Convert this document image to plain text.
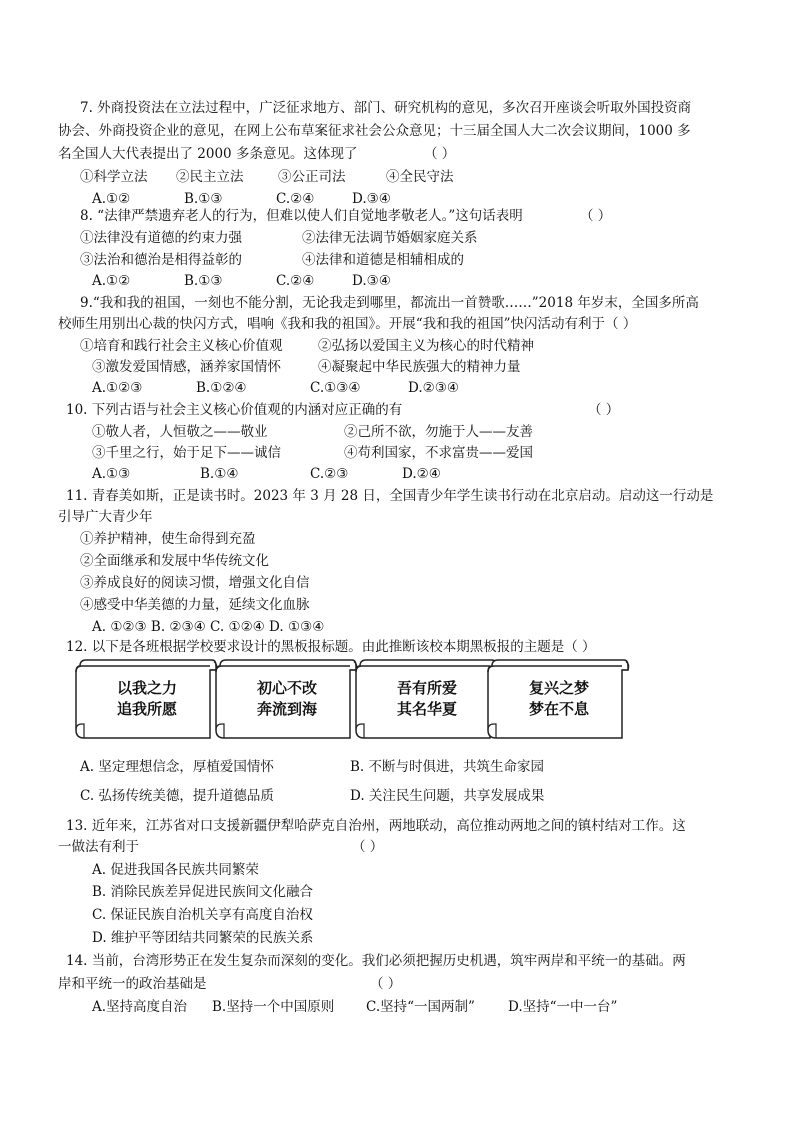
7. 外商投资法在立法过程中，广泛征求地方、部门、研究机构的意见，多次召开座谈会听取外国投资商
协会、外商投资企业的意见，在网上公布草案征求社会公众意见；十三届全国人大二次会议期间，1000 多
名全国人大代表提出了 2000 多条意见。这体现了	（ ）
①科学立法 ②民主立法	③公正司法	④全民守法
A.①②	B.①③	C.②④	D.③④
8. “法律严禁遗弃老人的行为，但难以使人们自觉地孝敬老人。”这句话表明	（ ）
①法律没有道德的约束力强	②法律无法调节婚姻家庭关系
③法治和德治是相得益彰的	④法律和道德是相辅相成的
A.①②	B.①③	C.②④	D.③④
9.“我和我的祖国，一刻也不能分割，无论我走到哪里，都流出一首赞歌……”2018 年岁末，全国多所高
校师生用别出心裁的快闪方式，唱响《我和我的祖国》。开展“我和我的祖国”快闪活动有利于（ ）
①培育和践行社会主义核心价值观	②弘扬以爱国主义为核心的时代精神
③激发爱国情感，涵养家国情怀	④凝聚起中华民族强大的精神力量
A.①②③	B.①②④	C.①③④	D.②③④
10. 下列古语与社会主义核心价值观的内涵对应正确的有	（ ）
①敬人者，人恒敬之——敬业	②己所不欲，勿施于人——友善
③千里之行，始于足下——诚信	④苟利国家，不求富贵——爱国
A.①③	B.①④	C.②③	D.②④
11. 青春美如斯，正是读书时。2023 年 3 月 28 日，全国青少年学生读书行动在北京启动。启动这一行动是
引导广大青少年
①养护精神，使生命得到充盈
②全面继承和发展中华传统文化
③养成良好的阅读习惯，增强文化自信
④感受中华美德的力量，延续文化血脉
A. ①②③ B. ②③④ C. ①②④ D. ①③④
12. 以下是各班根据学校要求设计的黑板报标题。由此推断该校本期黑板报的主题是（ ）
以我之力
追我所愿
初心不改
奔流到海
吾有所爱
其名华夏
复兴之梦
梦在不息
A. 坚定理想信念，厚植爱国情怀	B. 不断与时俱进，共筑生命家园
C. 弘扬传统美德，提升道德品质	D. 关注民生问题，共享发展成果
13. 近年来，江苏省对口支援新疆伊犁哈萨克自治州，两地联动，高位推动两地之间的镇村结对工作。这
一做法有利于	（ ）
A. 促进我国各民族共同繁荣
B. 消除民族差异促进民族间文化融合
C. 保证民族自治机关享有高度自治权
D. 维护平等团结共同繁荣的民族关系
14. 当前，台湾形势正在发生复杂而深刻的变化。我们必须把握历史机遇，筑牢两岸和平统一的基础。两
岸和平统一的政治基础是	（ ）
A.坚持高度自治 B.坚持一个中国原则 C.坚持“一国两制” D.坚持“一中一台”
